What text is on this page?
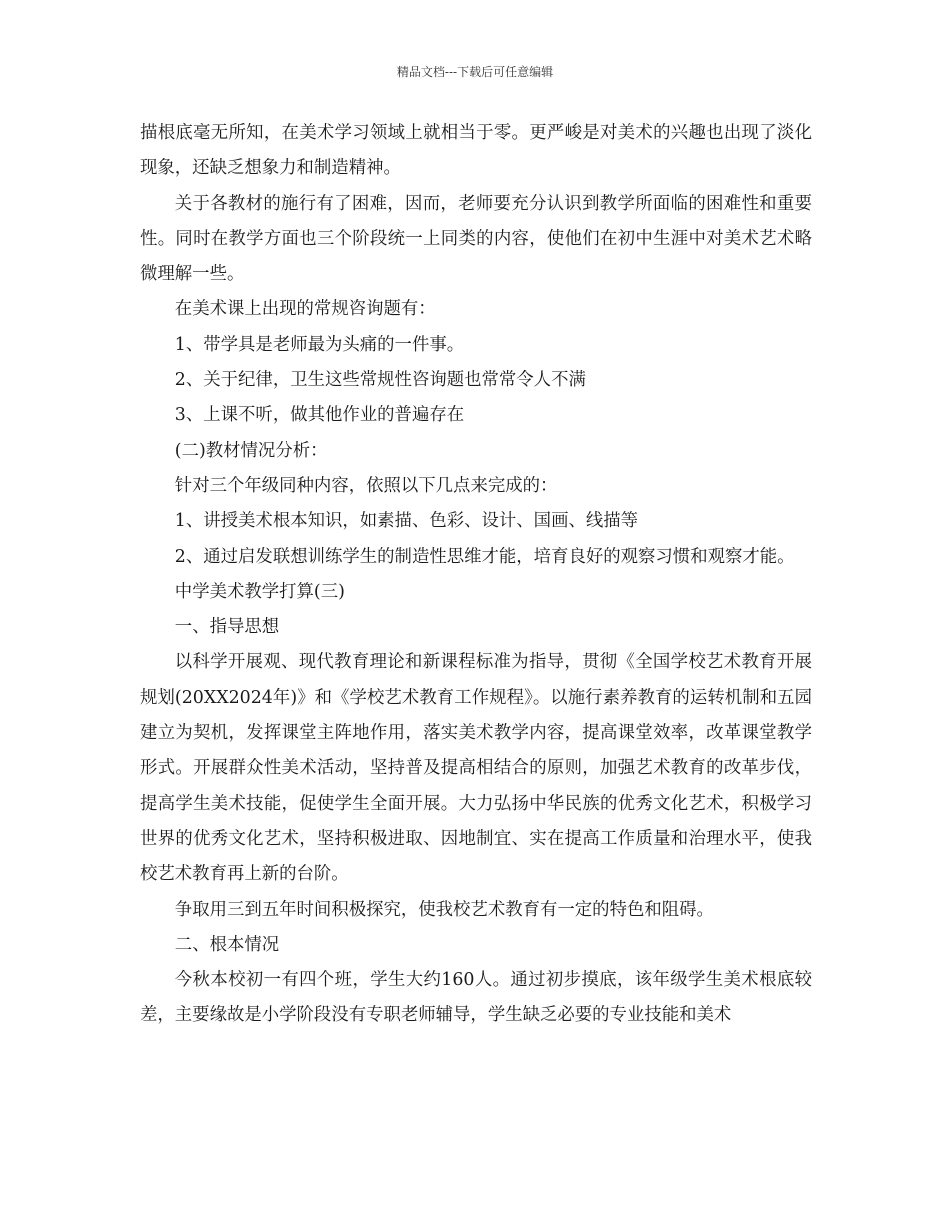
精品文档---下载后可任意编辑

描根底毫无所知，在美术学习领域上就相当于零。更严峻是对美术的兴趣也出现了淡化现象，还缺乏想象力和制造精神。

关于各教材的施行有了困难，因而，老师要充分认识到教学所面临的困难性和重要性。同时在教学方面也三个阶段统一上同类的内容，使他们在初中生涯中对美术艺术略微理解一些。

在美术课上出现的常规咨询题有：

1、带学具是老师最为头痛的一件事。

2、关于纪律，卫生这些常规性咨询题也常常令人不满

3、上课不听，做其他作业的普遍存在

(二)教材情况分析：

针对三个年级同种内容，依照以下几点来完成的：

1、讲授美术根本知识，如素描、色彩、设计、国画、线描等

2、通过启发联想训练学生的制造性思维才能，培育良好的观察习惯和观察才能。

中学美术教学打算(三)

一、指导思想

以科学开展观、现代教育理论和新课程标准为指导，贯彻《全国学校艺术教育开展规划(20XX2024年)》和《学校艺术教育工作规程》。以施行素养教育的运转机制和五园建立为契机，发挥课堂主阵地作用，落实美术教学内容，提高课堂效率，改革课堂教学形式。开展群众性美术活动，坚持普及提高相结合的原则，加强艺术教育的改革步伐，提高学生美术技能，促使学生全面开展。大力弘扬中华民族的优秀文化艺术，积极学习世界的优秀文化艺术，坚持积极进取、因地制宜、实在提高工作质量和治理水平，使我校艺术教育再上新的台阶。

争取用三到五年时间积极探究，使我校艺术教育有一定的特色和阻碍。

二、根本情况

今秋本校初一有四个班，学生大约160人。通过初步摸底，该年级学生美术根底较差，主要缘故是小学阶段没有专职老师辅导，学生缺乏必要的专业技能和美术
